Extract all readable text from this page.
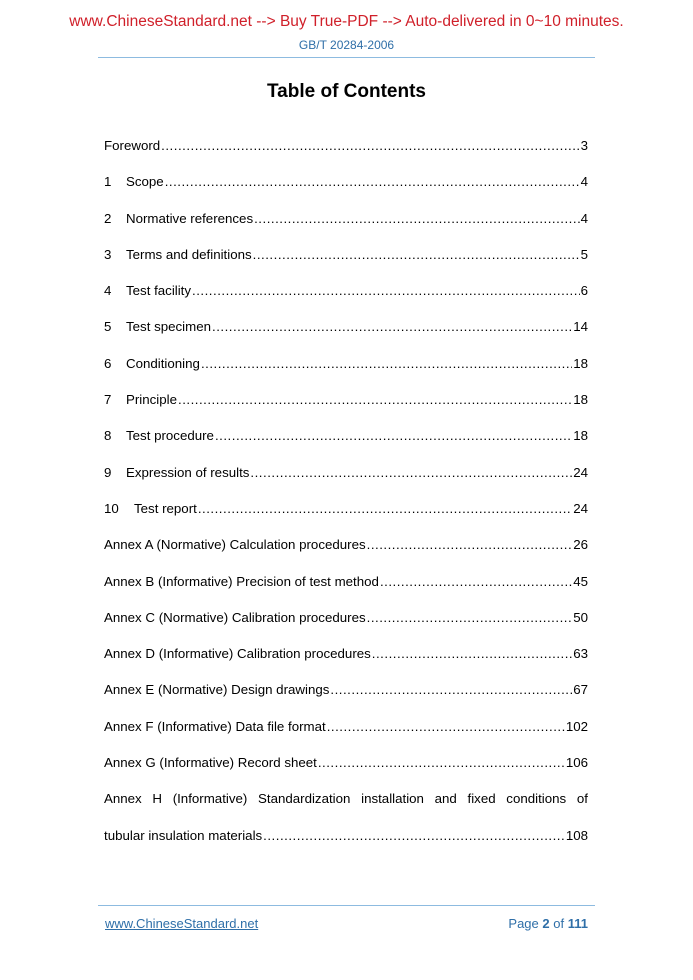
www.ChineseStandard.net --> Buy True-PDF --> Auto-delivered in 0~10 minutes.
GB/T 20284-2006
Table of Contents
Foreword .....	3
1	Scope .....	4
2	Normative references .....	4
3	Terms and definitions .....	5
4	Test facility .....	6
5	Test specimen .....	14
6	Conditioning .....	18
7	Principle .....	18
8	Test procedure .....	18
9	Expression of results .....	24
10	Test report .....	24
Annex A (Normative) Calculation procedures .....	26
Annex B (Informative) Precision of test method .....	45
Annex C (Normative) Calibration procedures .....	50
Annex D (Informative) Calibration procedures .....	63
Annex E (Normative) Design drawings .....	67
Annex F (Informative) Data file format .....	102
Annex G (Informative) Record sheet .....	106
Annex H (Informative) Standardization installation and fixed conditions of
tubular insulation materials .....	108
www.ChineseStandard.net	Page 2 of 111
